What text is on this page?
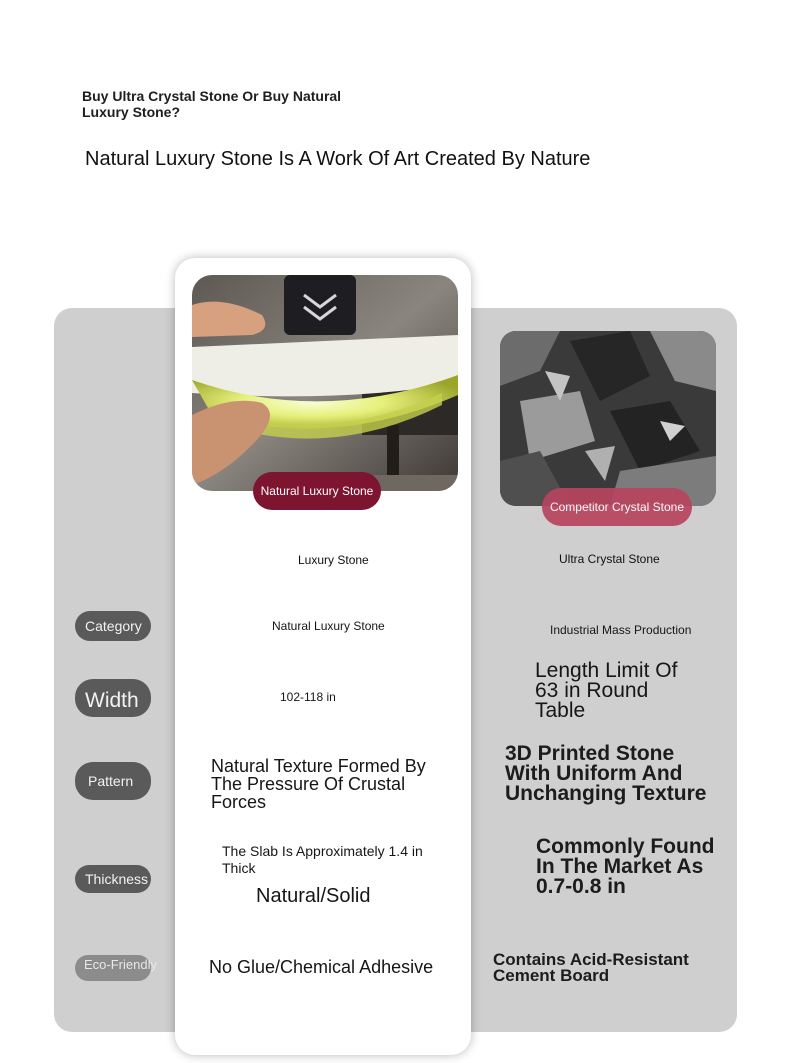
Buy Ultra Crystal Stone Or Buy Natural Luxury Stone?
Natural Luxury Stone Is A Work Of Art Created By Nature
Natural Luxury Stone
Competitor Crystal Stone
Luxury Stone	Ultra Crystal Stone
Category
Width
Pattern
Thickness
Eco-Friendly
Natural Luxury Stone
102-118 in
Natural Texture Formed By The Pressure Of Crustal Forces
The Slab Is Approximately 1.4 in Thick
Natural/Solid
No Glue/Chemical Adhesive
Industrial Mass Production
Length Limit Of 63 in Round Table
3D Printed Stone With Uniform And Unchanging Texture
Commonly Found In The Market As 0.7-0.8 in
Contains Acid-Resistant Cement Board
